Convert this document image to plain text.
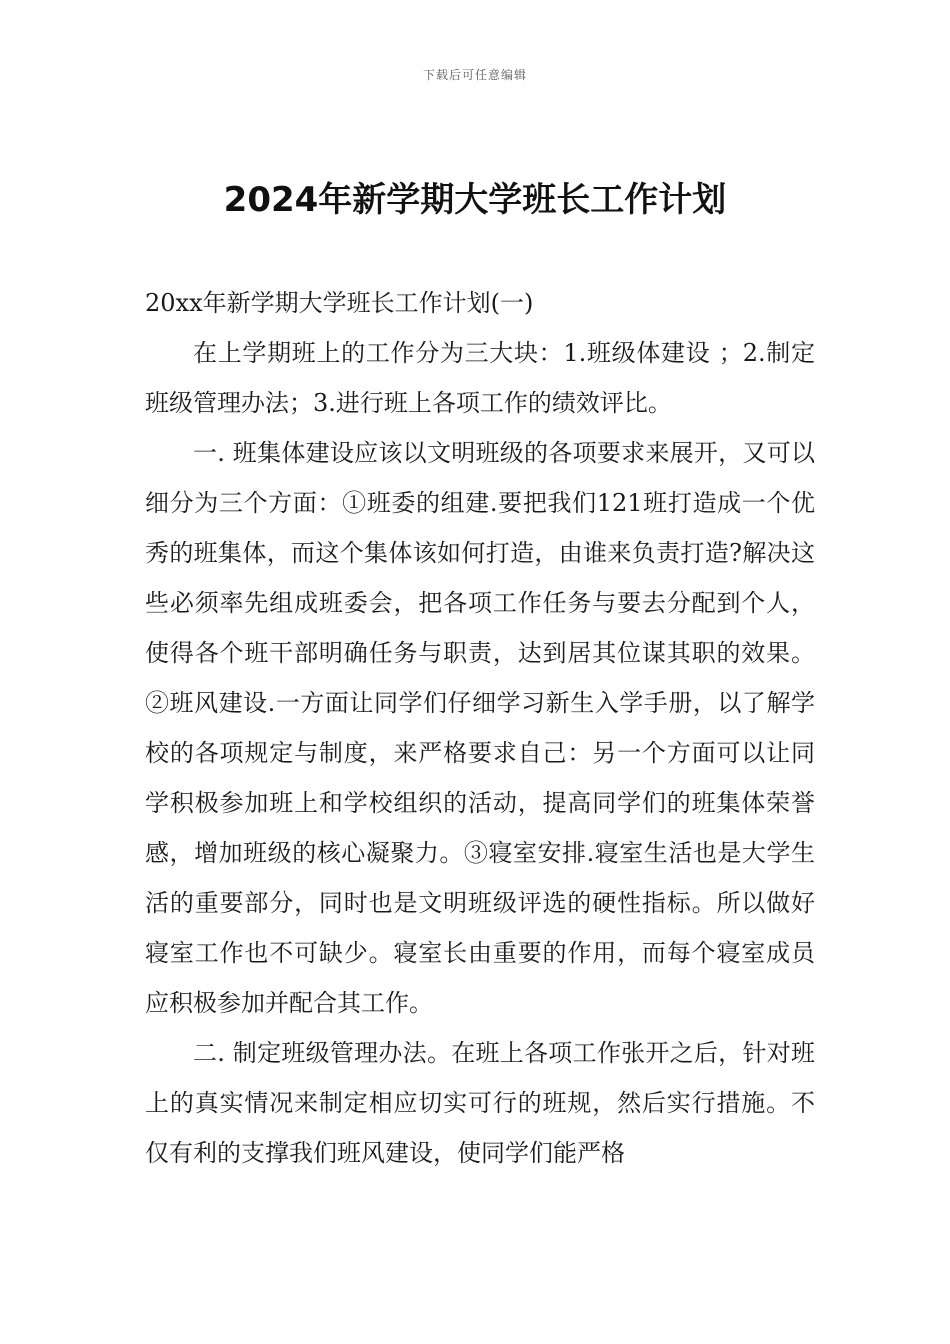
下载后可任意编辑
2024年新学期大学班长工作计划

20xx年新学期大学班长工作计划(一)

在上学期班上的工作分为三大块：1.班级体建设 ；2.制定班级管理办法；3.进行班上各项工作的绩效评比。

一. 班集体建设应该以文明班级的各项要求来展开，又可以细分为三个方面：①班委的组建.要把我们121班打造成一个优秀的班集体，而这个集体该如何打造，由谁来负责打造?解决这些必须率先组成班委会，把各项工作任务与要去分配到个人，使得各个班干部明确任务与职责，达到居其位谋其职的效果。②班风建设.一方面让同学们仔细学习新生入学手册，以了解学校的各项规定与制度，来严格要求自己：另一个方面可以让同学积极参加班上和学校组织的活动，提高同学们的班集体荣誉感，增加班级的核心凝聚力。③寝室安排.寝室生活也是大学生活的重要部分，同时也是文明班级评选的硬性指标。所以做好寝室工作也不可缺少。寝室长由重要的作用，而每个寝室成员应积极参加并配合其工作。

二. 制定班级管理办法。在班上各项工作张开之后，针对班上的真实情况来制定相应切实可行的班规，然后实行措施。不仅有利的支撑我们班风建设，使同学们能严格
